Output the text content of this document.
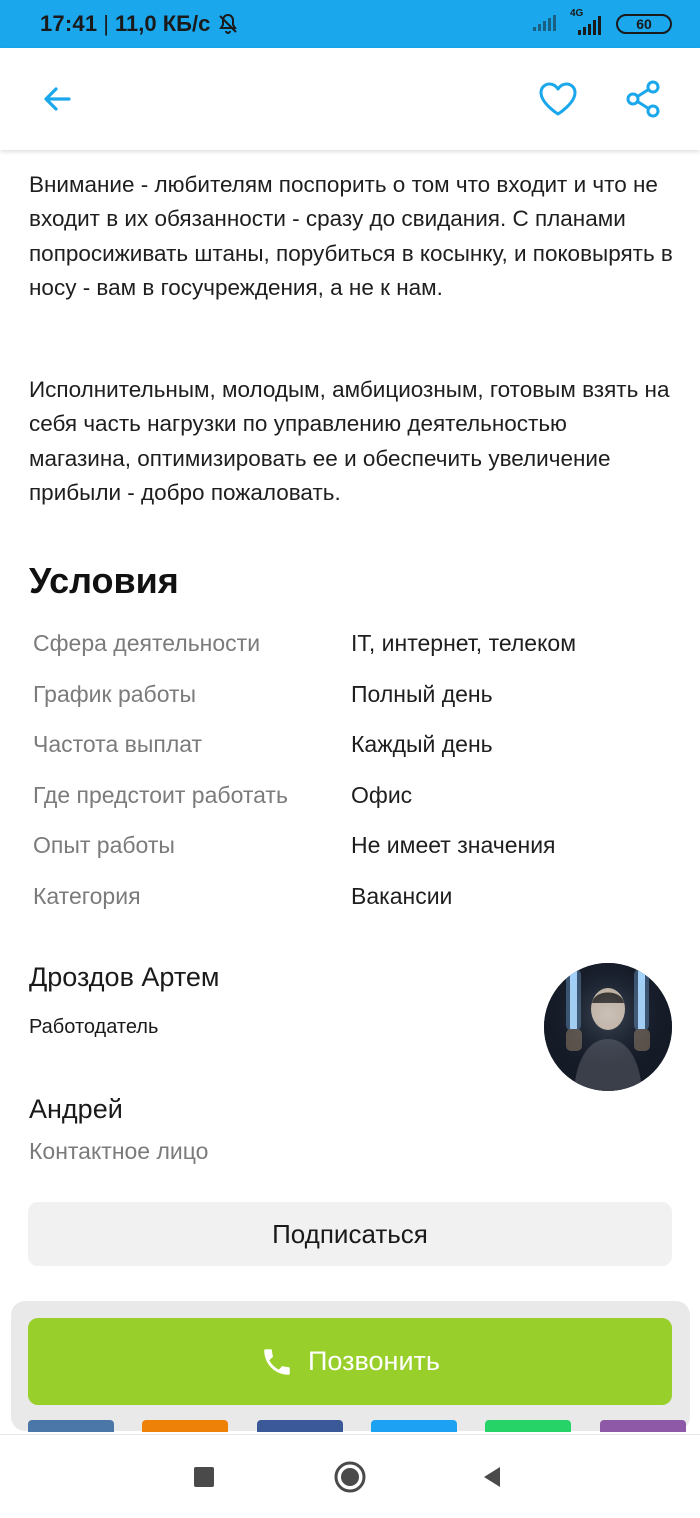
17:41 | 11,0 КБ/с	4G
60

Внимание - любителям поспорить о том что входит и что не входит в их обязанности - сразу до свидания. С планами попросиживать штаны, порубиться в косынку, и поковырять в носу - вам в госучреждения, а не к нам.

Исполнительным, молодым, амбициозным, готовым взять на себя часть нагрузки по управлению деятельностью магазина, оптимизировать ее и обеспечить увеличение прибыли - добро пожаловать.

Условия
Сфера деятельности	IT, интернет, телеком
График работы	Полный день
Частота выплат	Каждый день
Где предстоит работать	Офис
Опыт работы	Не имеет значения
Категория	Вакансии
Дроздов Артем
Работодатель
Андрей
Контактное лицо
Подписаться
Позвонить
